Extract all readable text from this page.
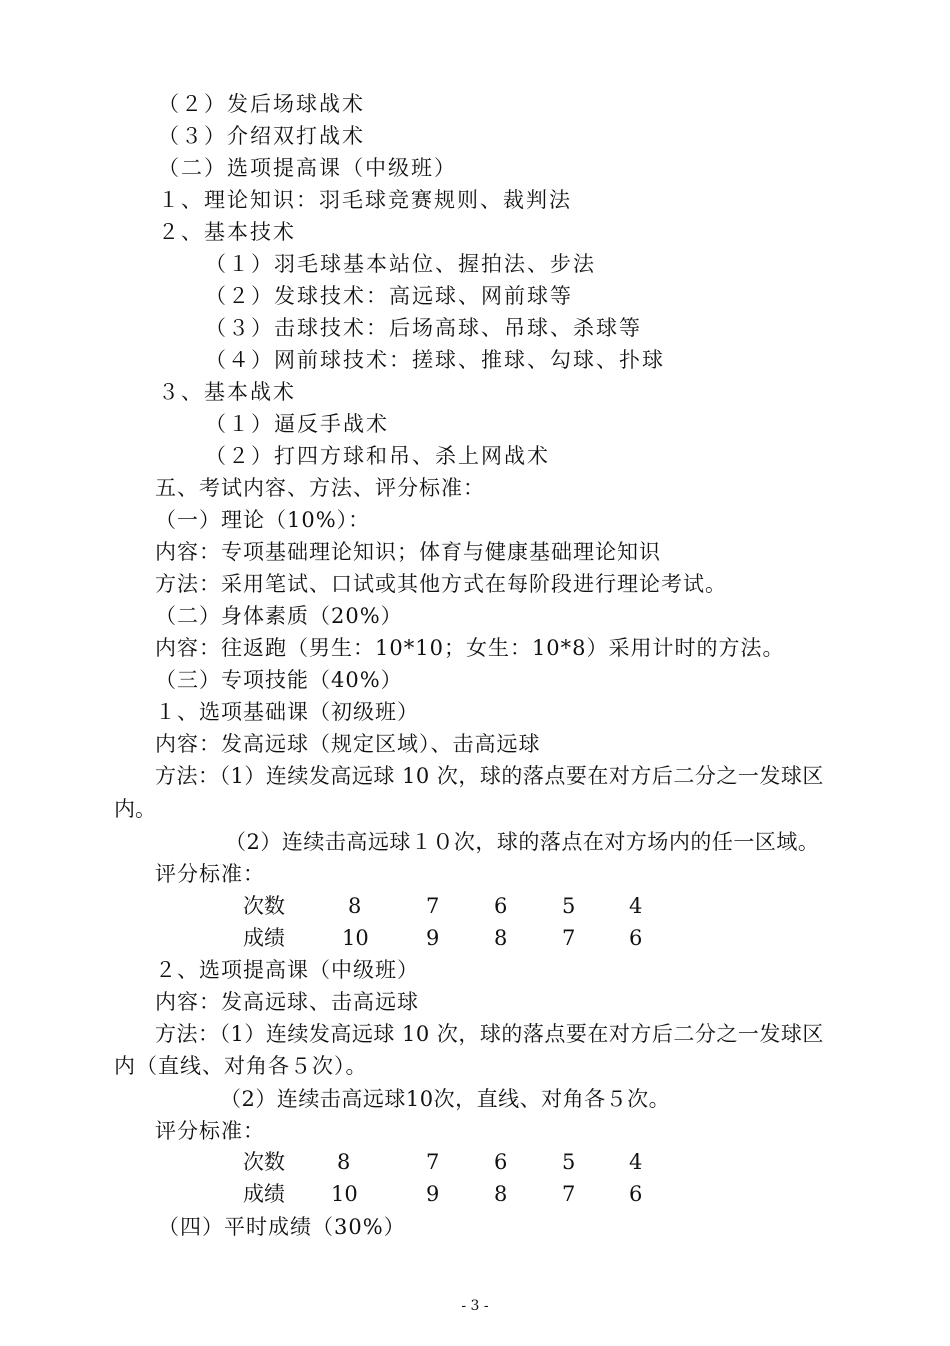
（２）发后场球战术
（３）介绍双打战术
（二）选项提高课（中级班）
１、理论知识：羽毛球竞赛规则、裁判法
２、基本技术
（１）羽毛球基本站位、握拍法、步法
（２）发球技术：高远球、网前球等
（３）击球技术：后场高球、吊球、杀球等
（４）网前球技术：搓球、推球、勾球、扑球
３、基本战术
（１）逼反手战术
（２）打四方球和吊、杀上网战术
五、考试内容、方法、评分标准：
（一）理论（10%）：
内容：专项基础理论知识；体育与健康基础理论知识
方法：采用笔试、口试或其他方式在每阶段进行理论考试。
（二）身体素质（20%）
内容：往返跑（男生：10*10；女生：10*8）采用计时的方法。
（三）专项技能（40%）
１、选项基础课（初级班）
内容：发高远球（规定区域）、击高远球
方法：（1）连续发高远球 10 次，球的落点要在对方后二分之一发球区
内。
（2）连续击高远球１０次，球的落点在对方场内的任一区域。
评分标准：
次数	8	7	6	5	4
成绩	10	9	8	7	6
２、选项提高课（中级班）
内容：发高远球、击高远球
方法：（1）连续发高远球 10 次，球的落点要在对方后二分之一发球区
内（直线、对角各５次）。
（2）连续击高远球10次，直线、对角各５次。
评分标准：
次数 8	7	6	5	4
成绩 10	9	8	7	6
（四）平时成绩（30%）
- 3 -
